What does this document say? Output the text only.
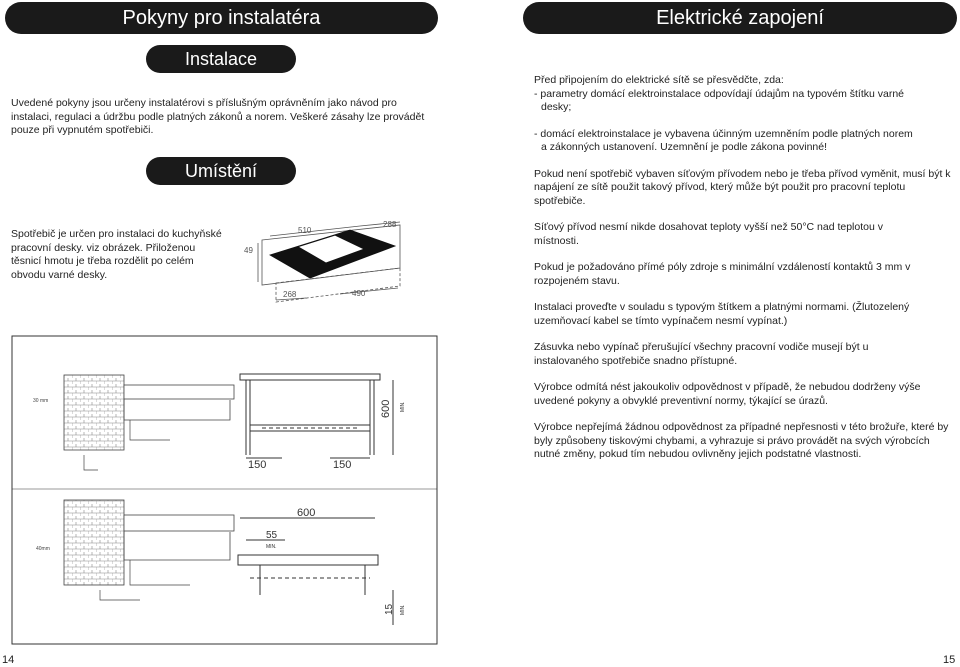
Pokyny pro instalatéra
Instalace

Uvedené pokyny jsou určeny instalatérovi s příslušným oprávněním jako návod pro instalaci, regulaci a údržbu podle platných zákonů a norem. Veškeré zásahy lze provádět pouze při vypnutém spotřebiči.

Umístění

Spotřebič je určen pro instalaci do kuchyňské pracovní desky. viz obrázek. Přiloženou těsnicí hmotu je třeba rozdělit po celém obvodu varné desky.

510
288
49
268	490
30 mm	600 MIN.
150	150
40mm
600
55
MIN.
15 MIN.
14
Elektrické zapojení

Před připojením do elektrické sítě se přesvědčte, zda:

- parametry domácí elektroinstalace odpovídají údajům na typovém štítku varné

desky;

- domácí elektroinstalace je vybavena účinným uzemněním podle platných norem

a zákonných ustanovení. Uzemnění je podle zákona povinné!

Pokud není spotřebič vybaven síťovým přívodem nebo je třeba přívod vyměnit, musí být k napájení ze sítě použit takový přívod, který může být použit pro pracovní teplotu spotřebiče.

Síťový přívod nesmí nikde dosahovat teploty vyšší než 50°C nad teplotou v místnosti.

Pokud je požadováno přímé póly zdroje s minimální vzdáleností kontaktů 3 mm v rozpojeném stavu.

Instalaci proveďte v souladu s typovým štítkem a platnými normami. (Žlutozelený uzemňovací kabel se tímto vypínačem nesmí vypínat.)

Zásuvka nebo vypínač přerušující všechny pracovní vodiče musejí být u instalovaného spotřebiče snadno přístupné.

Výrobce odmítá nést jakoukoliv odpovědnost v případě, že nebudou dodrženy výše uvedené pokyny a obvyklé preventivní normy, týkající se úrazů.

Výrobce nepřejímá žádnou odpovědnost za případné nepřesnosti v této brožuře, které by byly způsobeny tiskovými chybami, a vyhrazuje si právo provádět na svých výrobcích nutné změny, pokud tím nebudou ovlivněny jejich podstatné vlastnosti.

15
